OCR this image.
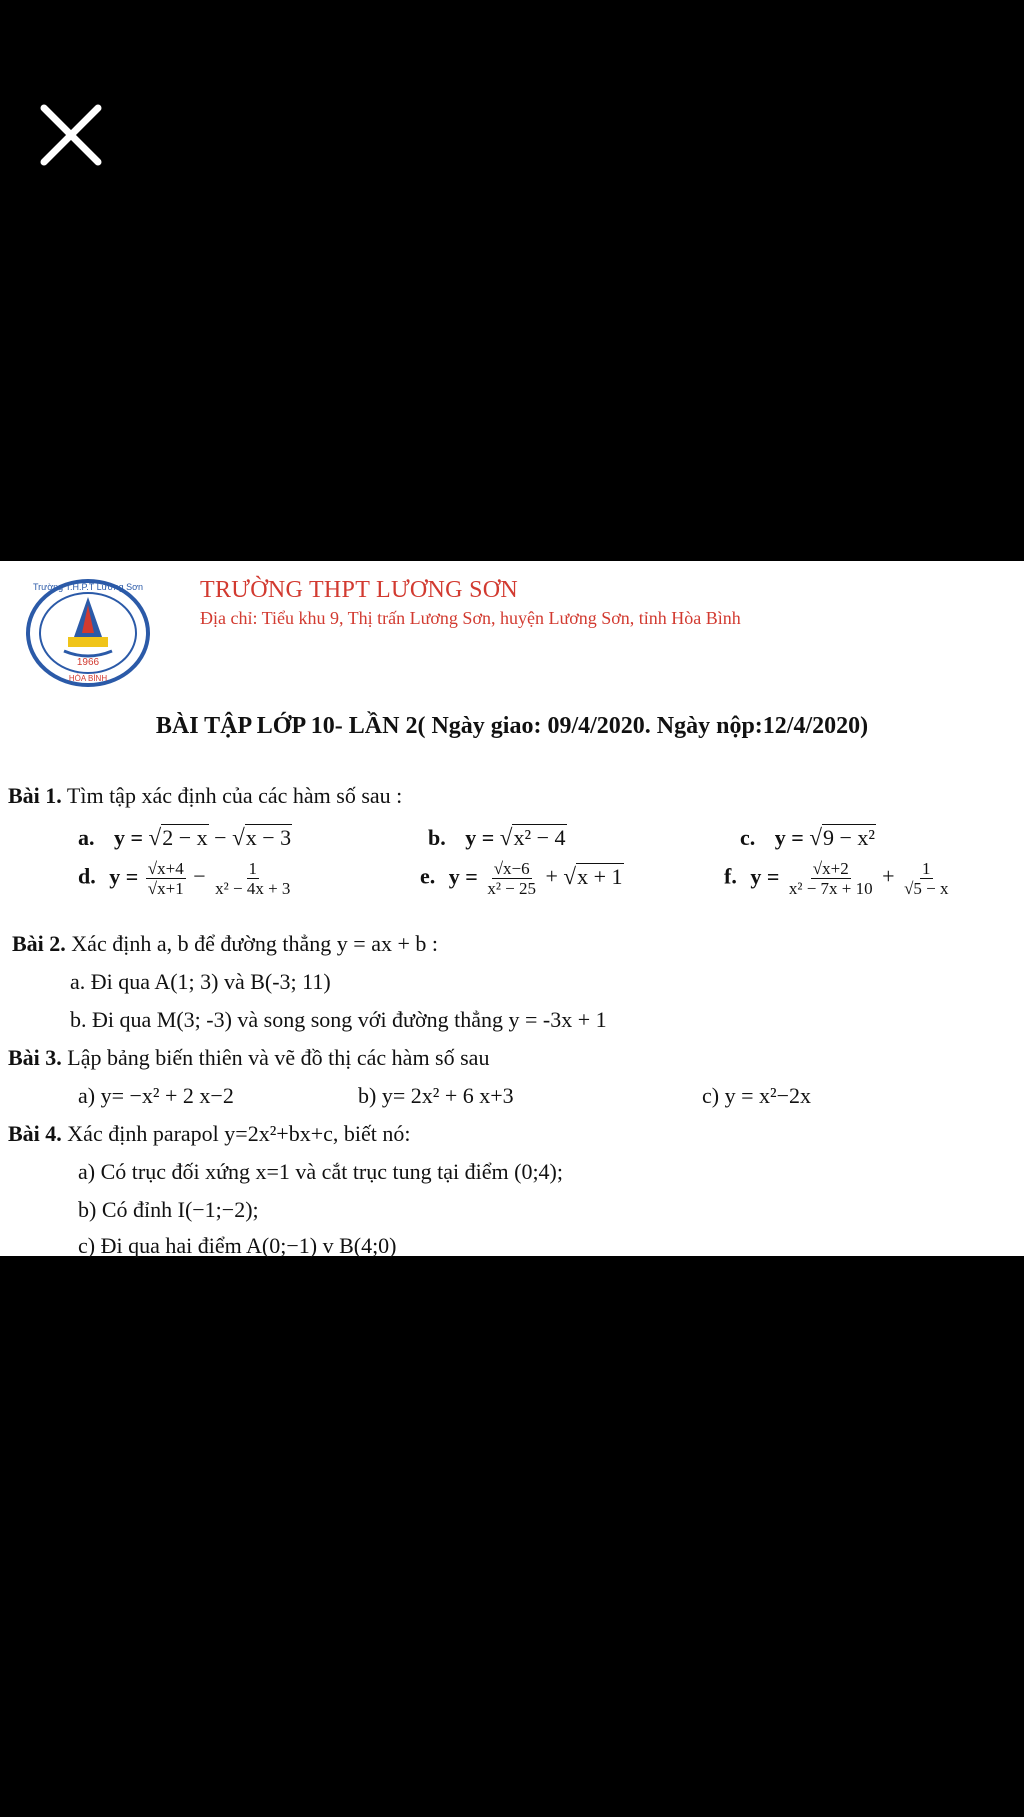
Trường T.H.P.T Lương Sơn
1966
HÒA BÌNH
TRƯỜNG THPT LƯƠNG SƠN
Địa chỉ: Tiểu khu 9, Thị trấn Lương Sơn, huyện Lương Sơn, tỉnh Hòa Bình
BÀI TẬP LỚP 10- LẦN 2( Ngày giao: 09/4/2020. Ngày nộp:12/4/2020)
Bài 1. Tìm tập xác định của các hàm số sau :
a. y = √2 − x − √x − 3	b. y = √x² − 4	c. y = √9 − x²
d. $y = \frac{√x+4}{√x+1} - \frac{1}{\text{x² − 4x + 3}}$	e. $y = \frac{√x-6}{\text{x² − 25}} + √x + 1$	f. $y = \frac{√x+2}{\text{x² − 7x + 10}} + \frac{1}{√5 - x}$
Bài 2. Xác định a, b để đường thẳng y = ax + b :
a. Đi qua A(1; 3) và B(-3; 11)
b. Đi qua M(3; -3) và song song với đường thẳng y = -3x + 1
Bài 3. Lập bảng biến thiên và vẽ đồ thị các hàm số sau
a) y= −x² + 2 x−2	b) y= 2x² + 6 x+3	c) y = x²−2x
Bài 4. Xác định parapol y=2x²+bx+c, biết nó:
a) Có trục đối xứng x=1 và cắt trục tung tại điểm (0;4);
b) Có đỉnh I(−1;−2);
c) Đi qua hai điểm A(0;−1) v B(4;0)
